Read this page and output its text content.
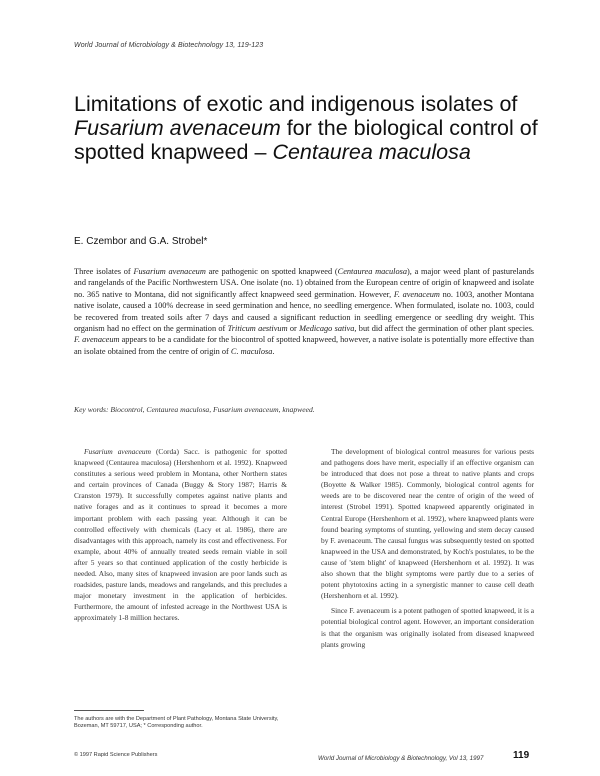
World Journal of Microbiology & Biotechnology 13, 119-123
Limitations of exotic and indigenous isolates of Fusarium avenaceum for the biological control of spotted knapweed – Centaurea maculosa
E. Czembor and G.A. Strobel*

Three isolates of Fusarium avenaceum are pathogenic on spotted knapweed (Centaurea maculosa), a major weed plant of pasturelands and rangelands of the Pacific Northwestern USA. One isolate (no. 1) obtained from the European centre of origin of knapweed and isolate no. 365 native to Montana, did not significantly affect knapweed seed germination. However, F. avenaceum no. 1003, another Montana native isolate, caused a 100% decrease in seed germination and hence, no seedling emergence. When formulated, isolate no. 1003, could be recovered from treated soils after 7 days and caused a significant reduction in seedling emergence or seedling dry weight. This organism had no effect on the germination of Triticum aestivum or Medicago sativa, but did affect the germination of other plant species. F. avenaceum appears to be a candidate for the biocontrol of spotted knapweed, however, a native isolate is potentially more effective than an isolate obtained from the centre of origin of C. maculosa.

Key words: Biocontrol, Centaurea maculosa, Fusarium avenaceum, knapweed.

Fusarium avenaceum (Corda) Sacc. is pathogenic for spotted knapweed (Centaurea maculosa) (Hershenhorn et al. 1992). Knapweed constitutes a serious weed problem in Montana, other Northern states and certain provinces of Canada (Buggy & Story 1987; Harris & Cranston 1979). It successfully competes against native plants and native forages and as it continues to spread it becomes a more important problem with each passing year. Although it can be controlled effectively with chemicals (Lacy et al. 1986), there are disadvantages with this approach, namely its cost and effectiveness. For example, about 40% of annually treated seeds remain viable in soil after 5 years so that continued application of the costly herbicide is needed. Also, many sites of knapweed invasion are poor lands such as roadsides, pasture lands, meadows and rangelands, and this precludes a major monetary investment in the application of herbicides. Furthermore, the amount of infested acreage in the Northwest USA is approximately 1-8 million hectares.

The development of biological control measures for various pests and pathogens does have merit, especially if an effective organism can be introduced that does not pose a threat to native plants and crops (Boyette & Walker 1985). Commonly, biological control agents for weeds are to be discovered near the centre of origin of the weed of interest (Strobel 1991). Spotted knapweed apparently originated in Central Europe (Hershenhorn et al. 1992), where knapweed plants were found bearing symptoms of stunting, yellowing and stem decay caused by F. avenaceum. The causal fungus was subsequently tested on spotted knapweed in the USA and demonstrated, by Koch's postulates, to be the cause of 'stem blight' of knapweed (Hershenhorn et al. 1992). It was also shown that the blight symptoms were partly due to a series of potent phytotoxins acting in a synergistic manner to cause cell death (Hershenhorn et al. 1992).

Since F. avenaceum is a potent pathogen of spotted knapweed, it is a potential biological control agent. However, an important consideration is that the organism was originally isolated from diseased knapweed plants growing

The authors are with the Department of Plant Pathology, Montana State University, Bozeman, MT 59717, USA; * Corresponding author.

© 1997 Rapid Science Publishers	World Journal of Microbiology & Biotechnology, Vol 13, 1997	119
